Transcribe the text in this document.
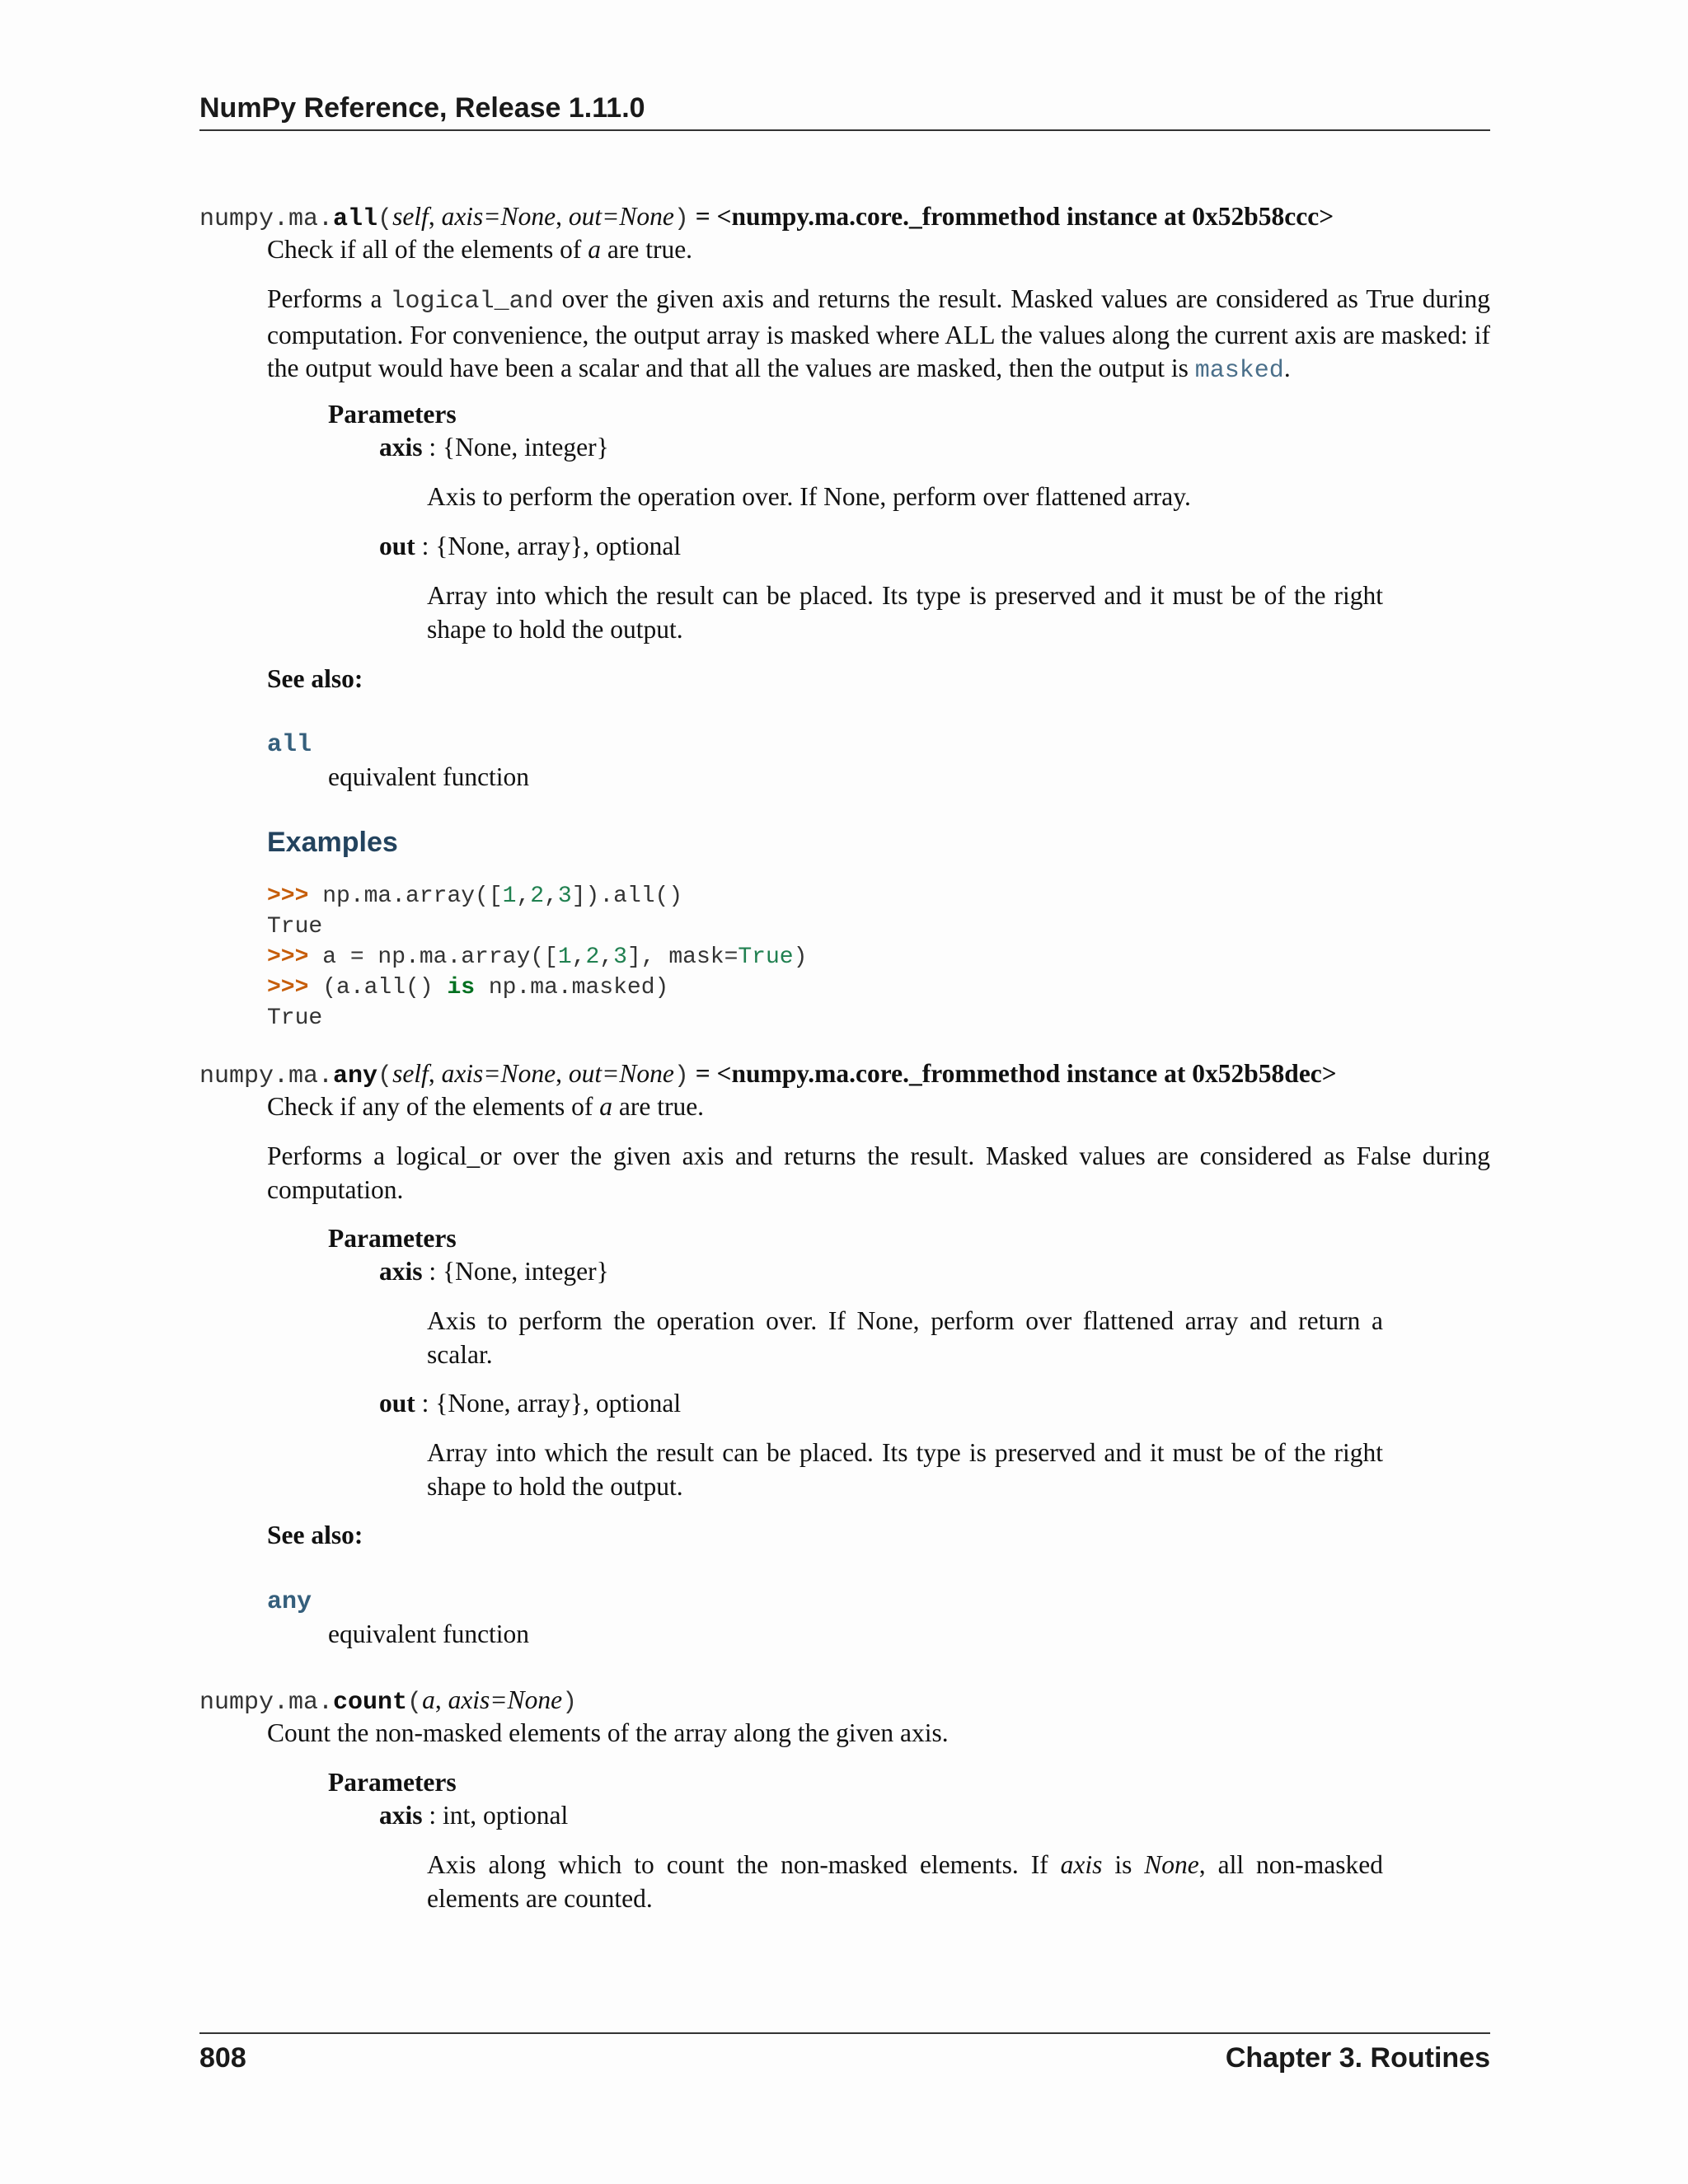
NumPy Reference, Release 1.11.0
numpy.ma.all(self, axis=None, out=None) = <numpy.ma.core._frommethod instance at 0x52b58ccc>
Check if all of the elements of a are true.
Performs a logical_and over the given axis and returns the result. Masked values are considered as True during computation. For convenience, the output array is masked where ALL the values along the current axis are masked: if the output would have been a scalar and that all the values are masked, then the output is masked.
Parameters
axis : {None, integer}
Axis to perform the operation over. If None, perform over flattened array.
out : {None, array}, optional
Array into which the result can be placed. Its type is preserved and it must be of the right shape to hold the output.
See also:
all
equivalent function
Examples
>>> np.ma.array([1,2,3]).all()
True
>>> a = np.ma.array([1,2,3], mask=True)
>>> (a.all() is np.ma.masked)
True
numpy.ma.any(self, axis=None, out=None) = <numpy.ma.core._frommethod instance at 0x52b58dec>
Check if any of the elements of a are true.
Performs a logical_or over the given axis and returns the result. Masked values are considered as False during computation.
Parameters
axis : {None, integer}
Axis to perform the operation over. If None, perform over flattened array and return a scalar.
out : {None, array}, optional
Array into which the result can be placed. Its type is preserved and it must be of the right shape to hold the output.
See also:
any
equivalent function
numpy.ma.count(a, axis=None)
Count the non-masked elements of the array along the given axis.
Parameters
axis : int, optional
Axis along which to count the non-masked elements. If axis is None, all non-masked elements are counted.
808	Chapter 3. Routines
